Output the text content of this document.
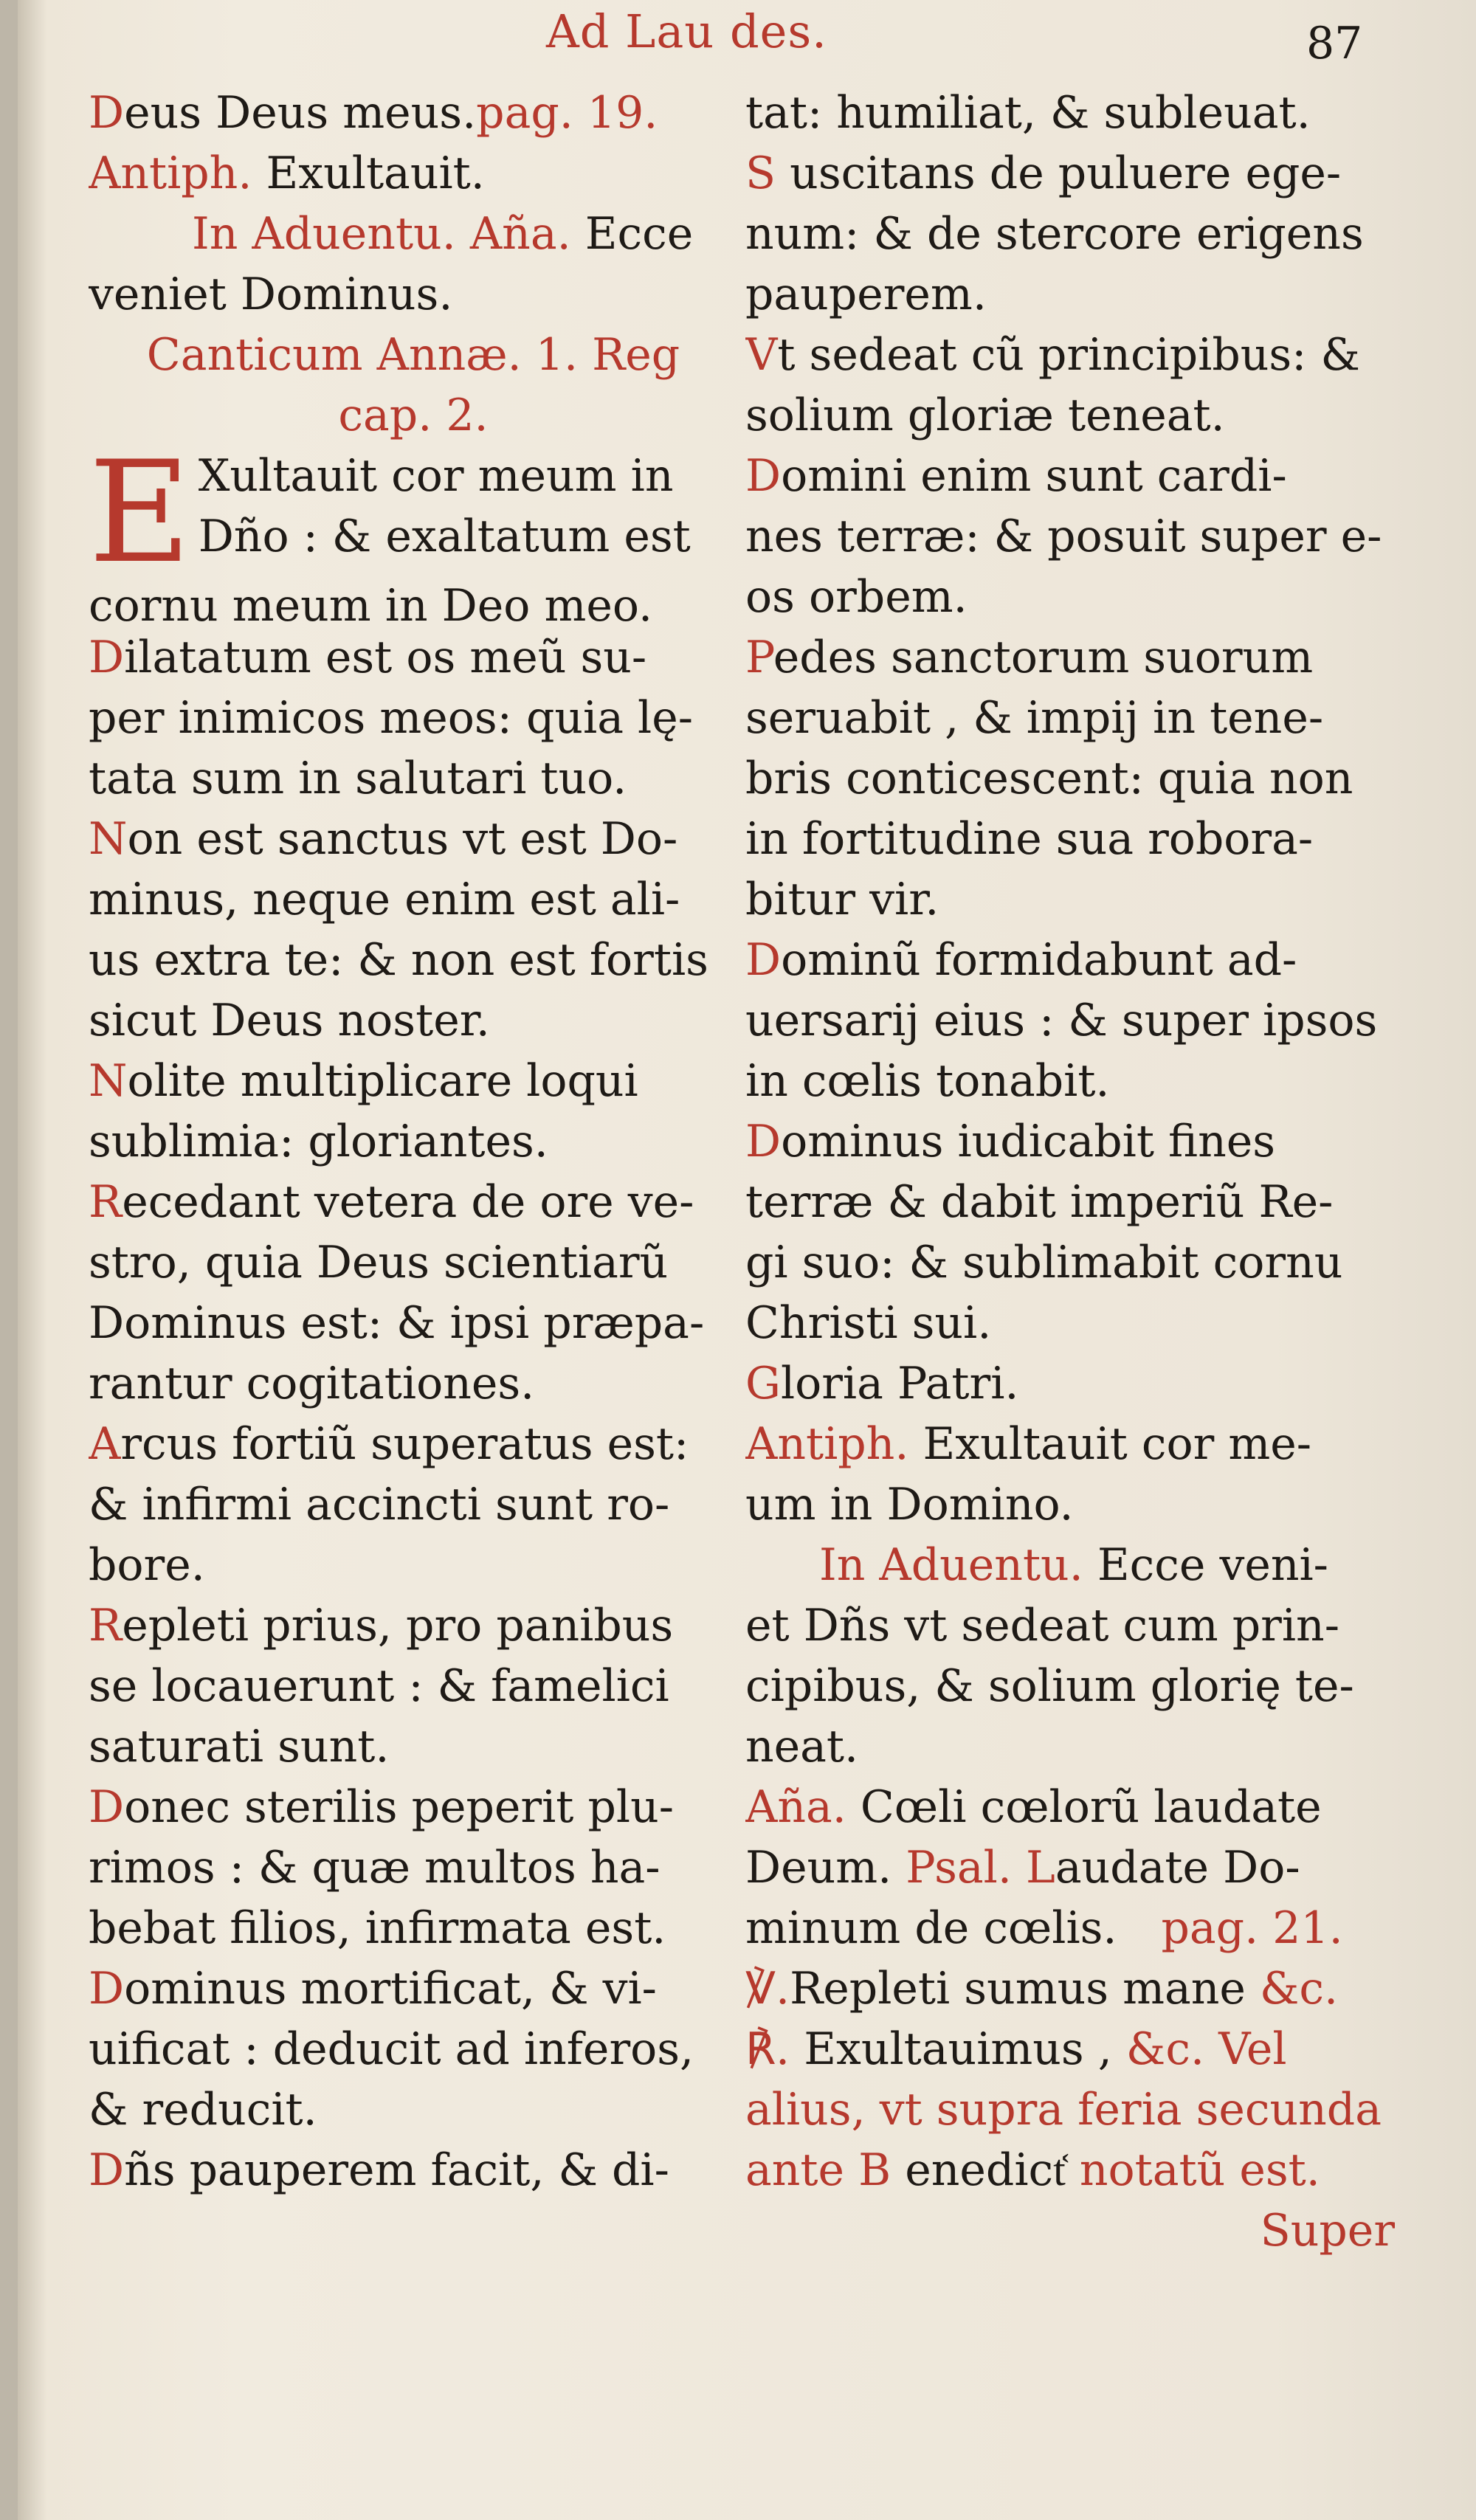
Ad Lau des.	87
Deus Deus meus.pag. 19.
Antiph. Exultauit.
In Aduentu. Aña. Ecce
veniet Dominus.
Canticum Annæ. 1. Reg
cap. 2.
E Xultauit cor meum in
Dño : & exaltatum est
cornu meum in Deo meo.
Dilatatum est os meũ su-
per inimicos meos: quia lę-
tata sum in salutari tuo.
Non est sanctus vt est Do-
minus, neque enim est ali-
us extra te: & non est fortis
sicut Deus noster.
Nolite multiplicare loqui
sublimia: gloriantes.
Recedant vetera de ore ve-
stro, quia Deus scientiarũ
Dominus est: & ipsi præpa-
rantur cogitationes.
Arcus fortiũ superatus est:
& infirmi accincti sunt ro-
bore.
Repleti prius, pro panibus
se locauerunt : & famelici
saturati sunt.
Donec sterilis peperit plu-
rimos : & quæ multos ha-
bebat filios, infirmata est.
Dominus mortificat, & vi-
uificat : deducit ad inferos,
& reducit.
Dñs pauperem facit, & di-
tat: humiliat, & subleuat.
S uscitans de puluere ege-
num: & de stercore erigens
pauperem.
Vt sedeat cũ principibus: &
solium gloriæ teneat.
Domini enim sunt cardi-
nes terræ: & posuit super e-
os orbem.
Pedes sanctorum suorum
seruabit , & impij in tene-
bris conticescent: quia non
in fortitudine sua robora-
bitur vir.
Dominũ formidabunt ad-
uersarij eius : & super ipsos
in cœlis tonabit.
Dominus iudicabit fines
terræ & dabit imperiũ Re-
gi suo: & sublimabit cornu
Christi sui.
Gloria Patri.
Antiph. Exultauit cor me-
um in Domino.
In Aduentu. Ecce veni-
et Dñs vt sedeat cum prin-
cipibus, & solium glorię te-
neat.
Aña. Cœli cœlorũ laudate
Deum. Psal. Laudate Do-
minum de cœlis. pag. 21.
℣.Repleti sumus mane &c.
℟. Exultauimus , &c. Vel
alius, vt supra feria secunda
ante B enedict᷾ notatũ est.
Super
